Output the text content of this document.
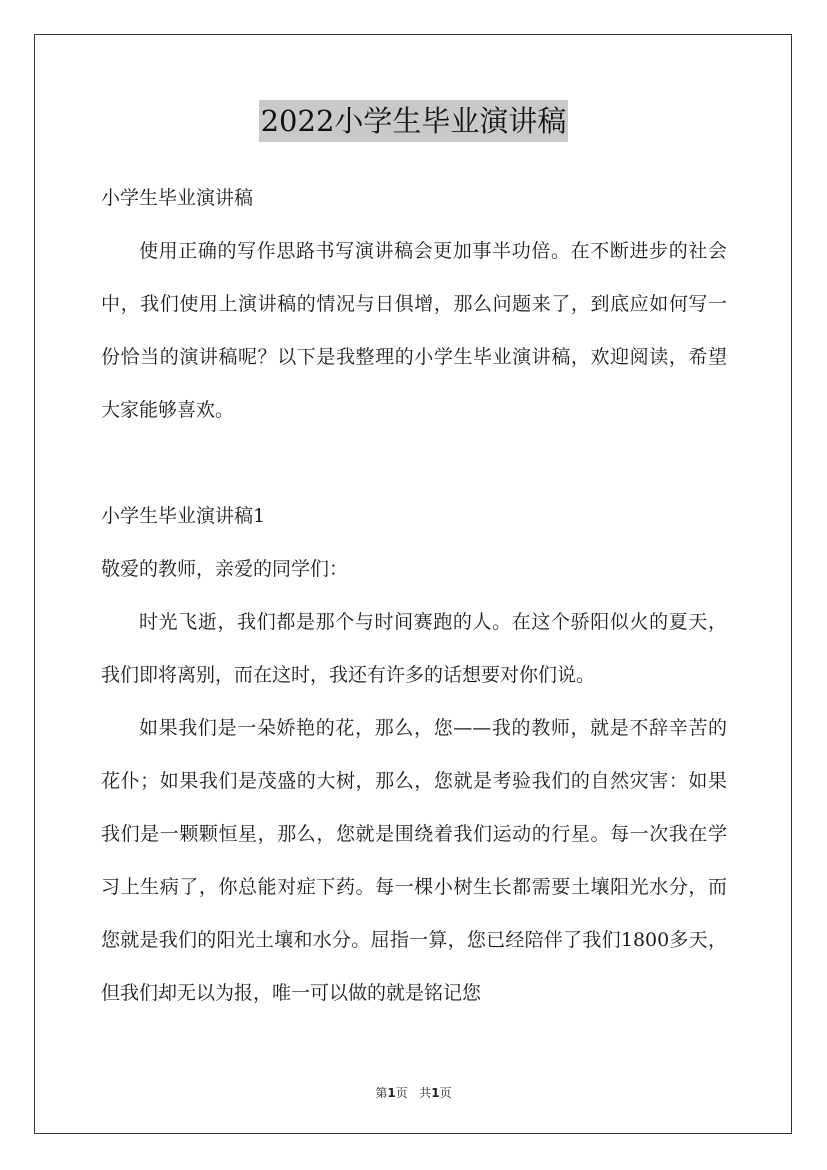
2022小学生毕业演讲稿

小学生毕业演讲稿

使用正确的写作思路书写演讲稿会更加事半功倍。在不断进步的社会中，我们使用上演讲稿的情况与日俱增，那么问题来了，到底应如何写一份恰当的演讲稿呢？以下是我整理的小学生毕业演讲稿，欢迎阅读，希望大家能够喜欢。

小学生毕业演讲稿1

敬爱的教师，亲爱的同学们：

时光飞逝，我们都是那个与时间赛跑的人。在这个骄阳似火的夏天，我们即将离别，而在这时，我还有许多的话想要对你们说。

如果我们是一朵娇艳的花，那么，您——我的教师，就是不辞辛苦的花仆；如果我们是茂盛的大树，那么，您就是考验我们的自然灾害：如果我们是一颗颗恒星，那么，您就是围绕着我们运动的行星。每一次我在学习上生病了，你总能对症下药。每一棵小树生长都需要土壤阳光水分，而您就是我们的阳光土壤和水分。屈指一算，您已经陪伴了我们1800多天，但我们却无以为报，唯一可以做的就是铭记您

第1页   共1页
